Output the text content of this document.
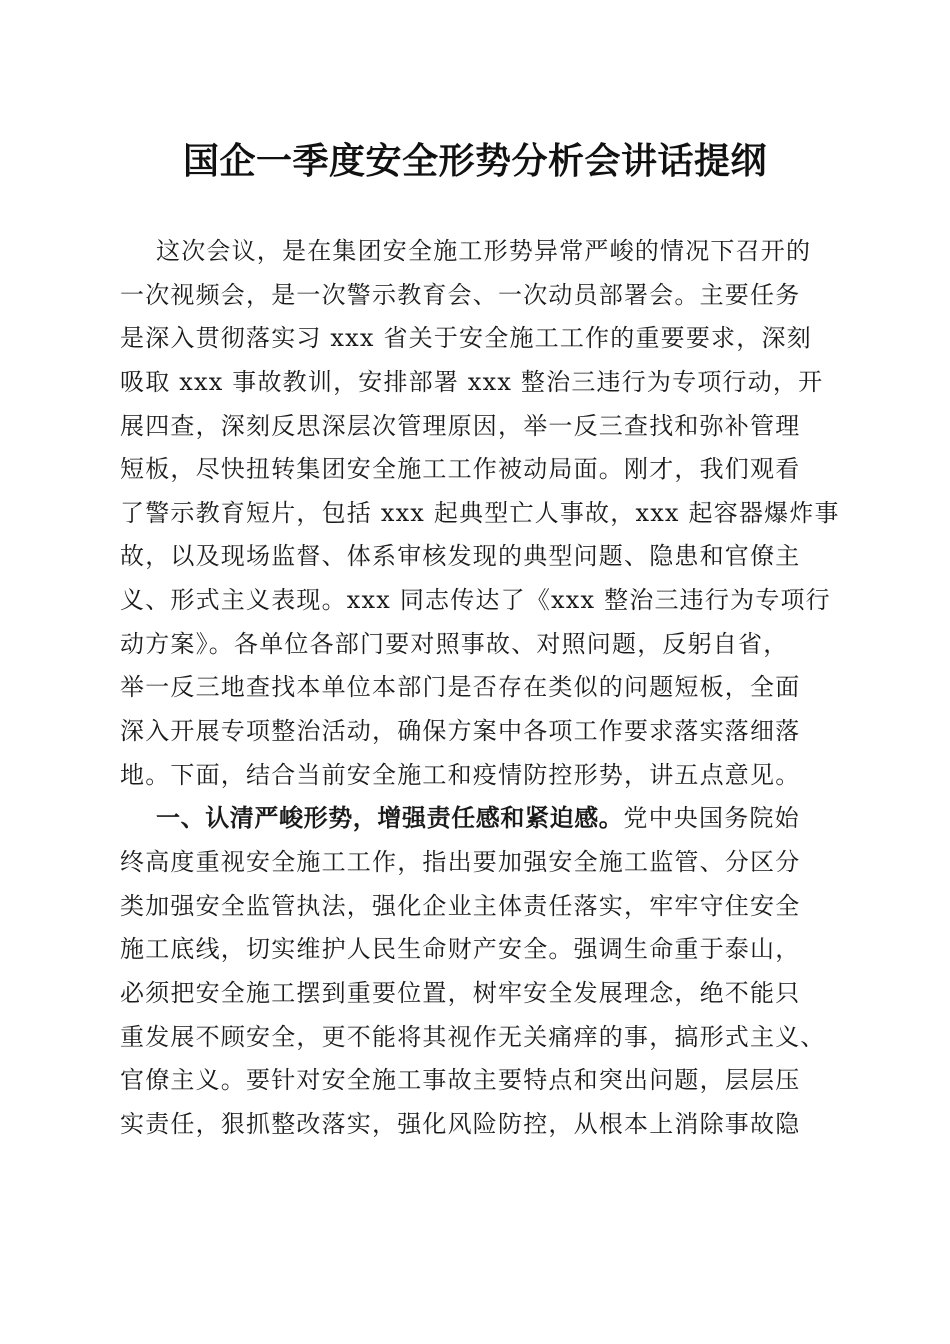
国企一季度安全形势分析会讲话提纲
这次会议，是在集团安全施工形势异常严峻的情况下召开的
一次视频会，是一次警示教育会、一次动员部署会。主要任务
是深入贯彻落实习 xxx 省关于安全施工工作的重要要求，深刻
吸取 xxx 事故教训，安排部署 xxx 整治三违行为专项行动，开
展四查，深刻反思深层次管理原因，举一反三查找和弥补管理
短板，尽快扭转集团安全施工工作被动局面。刚才，我们观看
了警示教育短片，包括 xxx 起典型亡人事故，xxx 起容器爆炸事
故，以及现场监督、体系审核发现的典型问题、隐患和官僚主
义、形式主义表现。xxx 同志传达了《xxx 整治三违行为专项行
动方案》。各单位各部门要对照事故、对照问题，反躬自省，
举一反三地查找本单位本部门是否存在类似的问题短板，全面
深入开展专项整治活动，确保方案中各项工作要求落实落细落
地。下面，结合当前安全施工和疫情防控形势，讲五点意见。
一、认清严峻形势，增强责任感和紧迫感。党中央国务院始
终高度重视安全施工工作，指出要加强安全施工监管、分区分
类加强安全监管执法，强化企业主体责任落实，牢牢守住安全
施工底线，切实维护人民生命财产安全。强调生命重于泰山，
必须把安全施工摆到重要位置，树牢安全发展理念，绝不能只
重发展不顾安全，更不能将其视作无关痛痒的事，搞形式主义、
官僚主义。要针对安全施工事故主要特点和突出问题，层层压
实责任，狠抓整改落实，强化风险防控，从根本上消除事故隐
